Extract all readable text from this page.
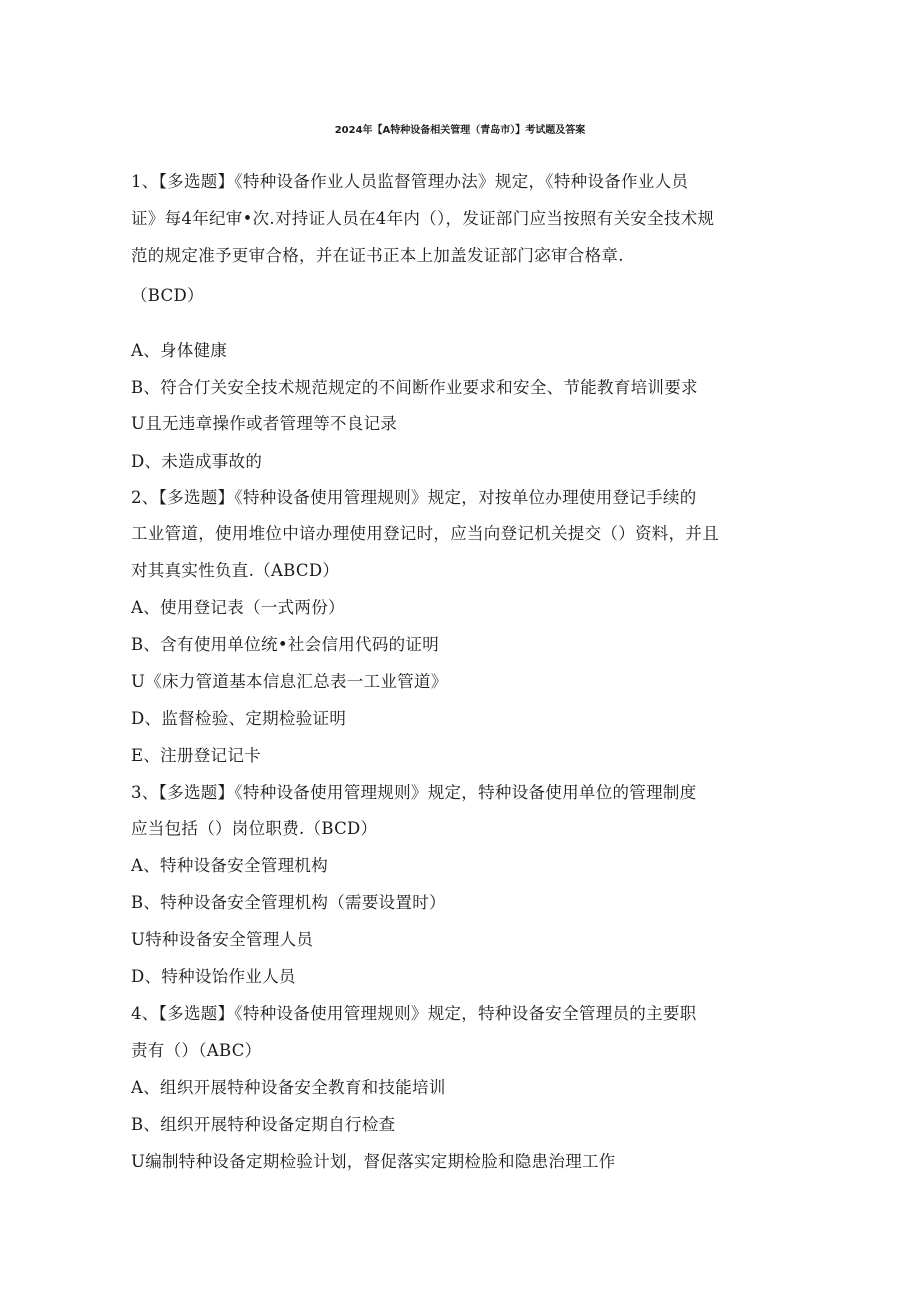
2024年【A特种设备相关管理（青岛市）】考试题及答案
1、【多选题】《特种设备作业人员监督管理办法》规定，《特种设备作业人员
证》每4年纪审•次.对持证人员在4年内（），发证部门应当按照有关安全技术规
范的规定准予更审合格，并在证书正本上加盖发证部门宓审合格章.
（BCD）
A、身体健康
B、符合仃关安全技术规范规定的不间断作业要求和安全、节能教育培训要求
U且无违章操作或者管理等不良记录
D、未造成事故的
2、【多选题】《特种设备使用管理规则》规定，对按单位办理使用登记手续的
工业管道，使用堆位中谙办理使用登记时，应当向登记机关提交（）资料，并且
对其真实性负直.（ABCD）
A、使用登记表（一式两份）
B、含有使用单位统•社会信用代码的证明
U《床力管道基本信息汇总表一工业管道》
D、监督检验、定期检验证明
E、注册登记记卡
3、【多选题】《特种设备使用管理规则》规定，特种设备使用单位的管理制度
应当包括（）岗位职费.（BCD）
A、特种设备安全管理机构
B、特种设备安全管理机构（需要设置时）
U特种设备安全管理人员
D、特种设饴作业人员
4、【多选题】《特种设备使用管理规则》规定，特种设备安全管理员的主要职
责有（）（ABC）
A、组织开展特种设备安全教育和技能培训
B、组织开展特种设备定期自行检查
U编制特种设备定期检验计划，督促落实定期检脸和隐患治理工作
